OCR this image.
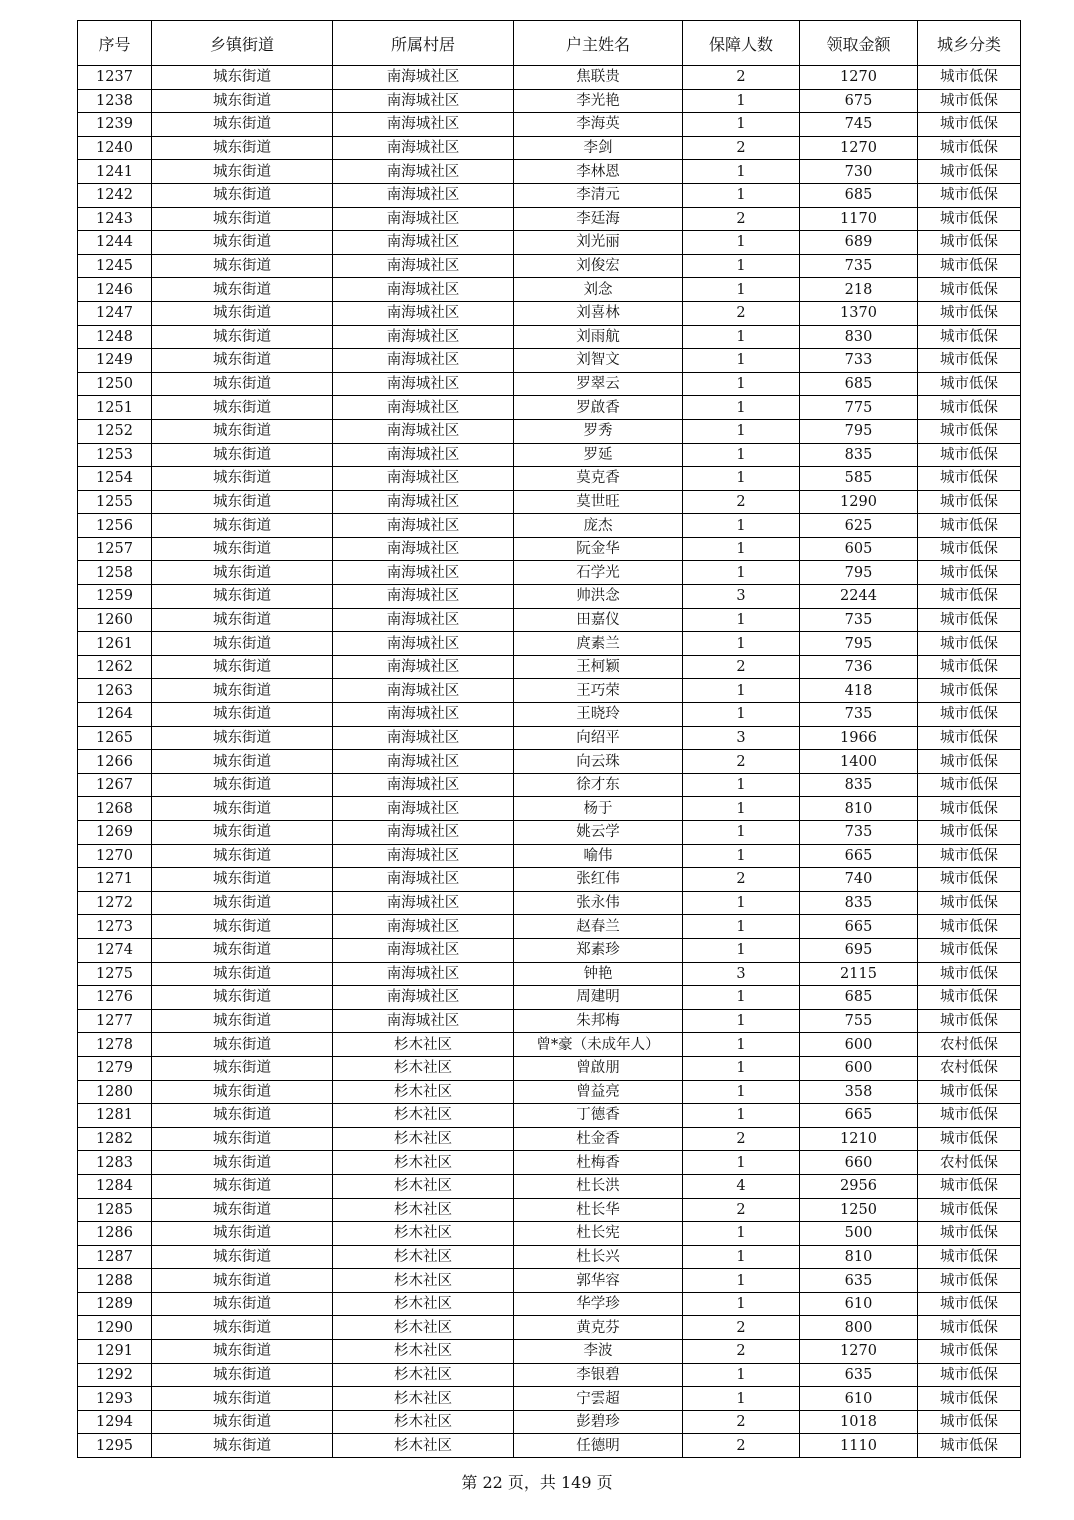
序号	乡镇街道	所属村居	户主姓名	保障人数	领取金额	城乡分类
1237	城东街道	南海城社区	焦联贵	2	1270	城市低保
1238	城东街道	南海城社区	李光艳	1	675	城市低保
1239	城东街道	南海城社区	李海英	1	745	城市低保
1240	城东街道	南海城社区	李剑	2	1270	城市低保
1241	城东街道	南海城社区	李林恩	1	730	城市低保
1242	城东街道	南海城社区	李清元	1	685	城市低保
1243	城东街道	南海城社区	李廷海	2	1170	城市低保
1244	城东街道	南海城社区	刘光丽	1	689	城市低保
1245	城东街道	南海城社区	刘俊宏	1	735	城市低保
1246	城东街道	南海城社区	刘念	1	218	城市低保
1247	城东街道	南海城社区	刘喜林	2	1370	城市低保
1248	城东街道	南海城社区	刘雨航	1	830	城市低保
1249	城东街道	南海城社区	刘智文	1	733	城市低保
1250	城东街道	南海城社区	罗翠云	1	685	城市低保
1251	城东街道	南海城社区	罗啟香	1	775	城市低保
1252	城东街道	南海城社区	罗秀	1	795	城市低保
1253	城东街道	南海城社区	罗延	1	835	城市低保
1254	城东街道	南海城社区	莫克香	1	585	城市低保
1255	城东街道	南海城社区	莫世旺	2	1290	城市低保
1256	城东街道	南海城社区	庞杰	1	625	城市低保
1257	城东街道	南海城社区	阮金华	1	605	城市低保
1258	城东街道	南海城社区	石学光	1	795	城市低保
1259	城东街道	南海城社区	帅洪念	3	2244	城市低保
1260	城东街道	南海城社区	田嘉仪	1	735	城市低保
1261	城东街道	南海城社区	庹素兰	1	795	城市低保
1262	城东街道	南海城社区	王柯颖	2	736	城市低保
1263	城东街道	南海城社区	王巧荣	1	418	城市低保
1264	城东街道	南海城社区	王晓玲	1	735	城市低保
1265	城东街道	南海城社区	向绍平	3	1966	城市低保
1266	城东街道	南海城社区	向云珠	2	1400	城市低保
1267	城东街道	南海城社区	徐才东	1	835	城市低保
1268	城东街道	南海城社区	杨于	1	810	城市低保
1269	城东街道	南海城社区	姚云学	1	735	城市低保
1270	城东街道	南海城社区	喻伟	1	665	城市低保
1271	城东街道	南海城社区	张红伟	2	740	城市低保
1272	城东街道	南海城社区	张永伟	1	835	城市低保
1273	城东街道	南海城社区	赵春兰	1	665	城市低保
1274	城东街道	南海城社区	郑素珍	1	695	城市低保
1275	城东街道	南海城社区	钟艳	3	2115	城市低保
1276	城东街道	南海城社区	周建明	1	685	城市低保
1277	城东街道	南海城社区	朱邦梅	1	755	城市低保
1278	城东街道	杉木社区	曾*豪（未成年人）	1	600	农村低保
1279	城东街道	杉木社区	曾啟朋	1	600	农村低保
1280	城东街道	杉木社区	曾益亮	1	358	城市低保
1281	城东街道	杉木社区	丁德香	1	665	城市低保
1282	城东街道	杉木社区	杜金香	2	1210	城市低保
1283	城东街道	杉木社区	杜梅香	1	660	农村低保
1284	城东街道	杉木社区	杜长洪	4	2956	城市低保
1285	城东街道	杉木社区	杜长华	2	1250	城市低保
1286	城东街道	杉木社区	杜长宪	1	500	城市低保
1287	城东街道	杉木社区	杜长兴	1	810	城市低保
1288	城东街道	杉木社区	郭华容	1	635	城市低保
1289	城东街道	杉木社区	华学珍	1	610	城市低保
1290	城东街道	杉木社区	黄克芬	2	800	城市低保
1291	城东街道	杉木社区	李波	2	1270	城市低保
1292	城东街道	杉木社区	李银碧	1	635	城市低保
1293	城东街道	杉木社区	宁雲超	1	610	城市低保
1294	城东街道	杉木社区	彭碧珍	2	1018	城市低保
1295	城东街道	杉木社区	任德明	2	1110	城市低保
第 22 页，共 149 页
